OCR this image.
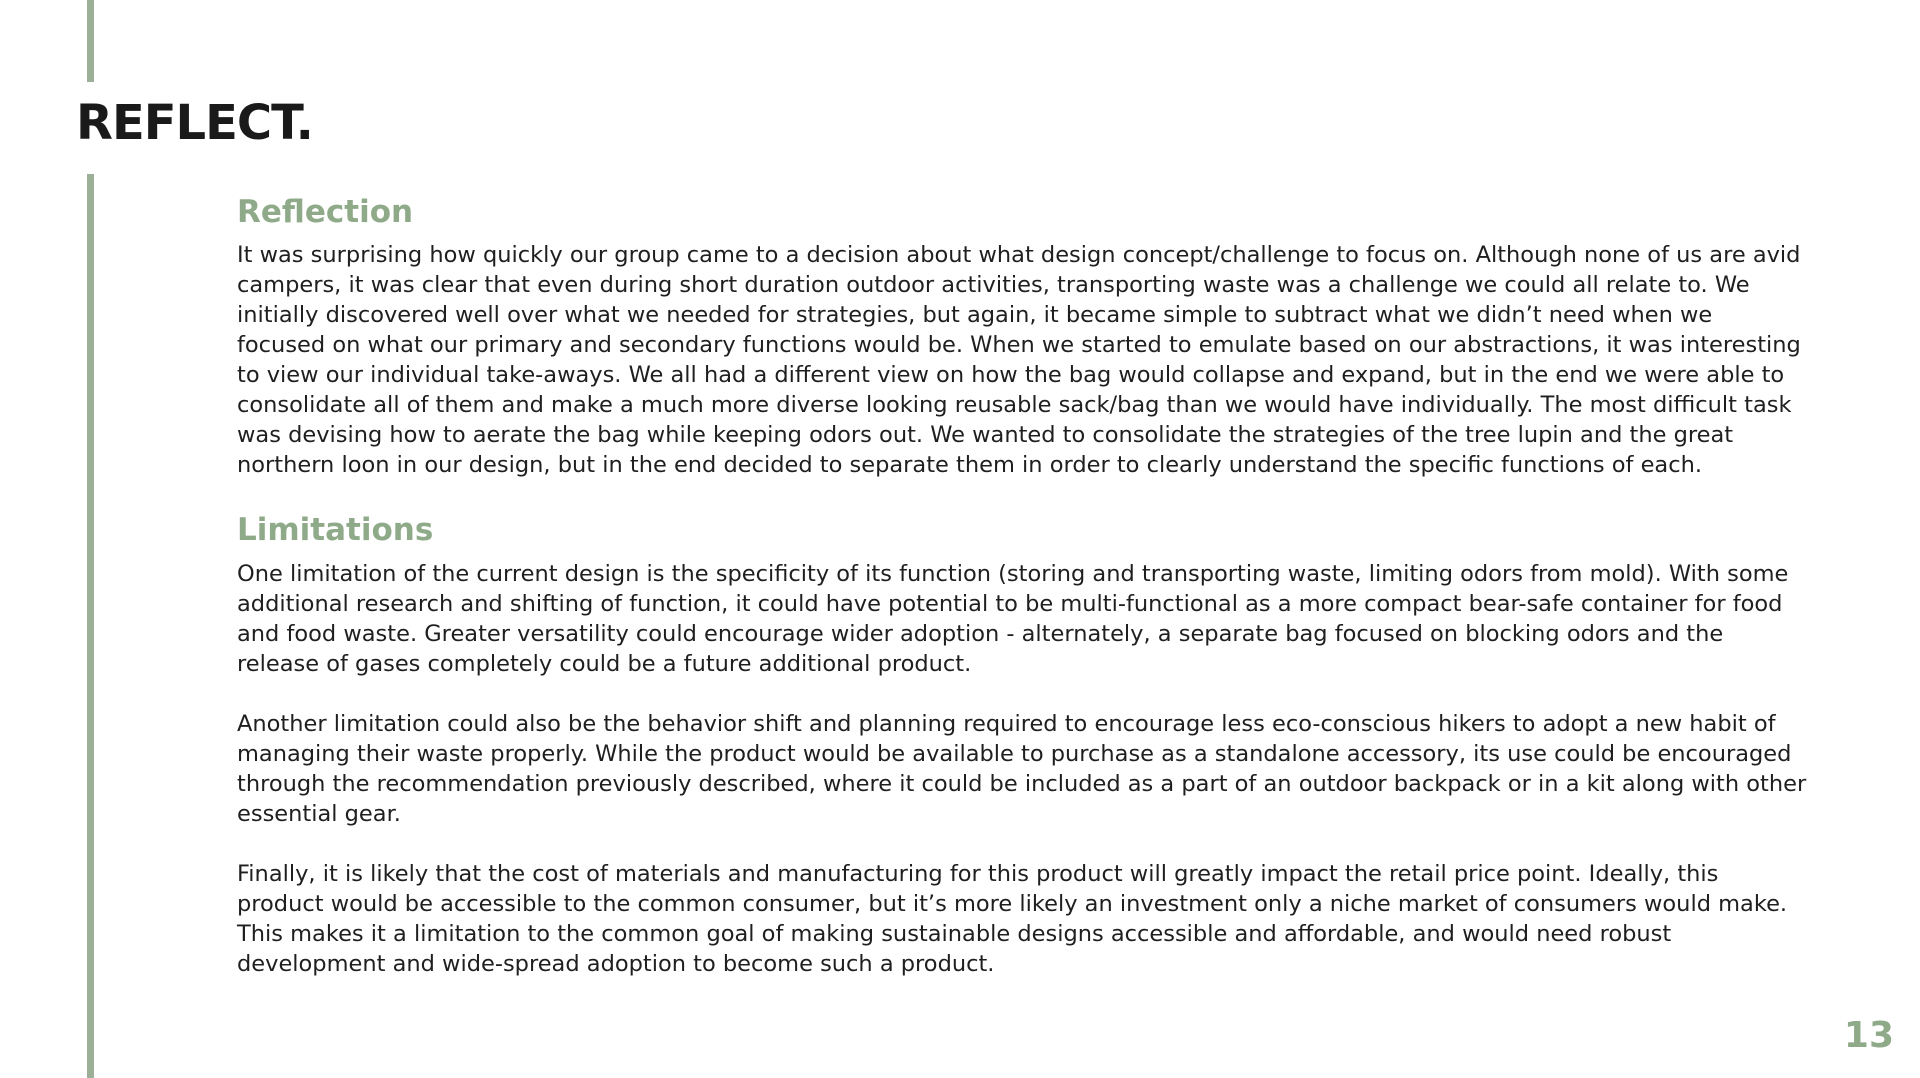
REFLECT.
Reflection

It was surprising how quickly our group came to a decision about what design concept/challenge to focus on. Although none of us are avid campers, it was clear that even during short duration outdoor activities, transporting waste was a challenge we could all relate to. We initially discovered well over what we needed for strategies, but again, it became simple to subtract what we didn’t need when we focused on what our primary and secondary functions would be. When we started to emulate based on our abstractions, it was interesting to view our individual take-aways. We all had a different view on how the bag would collapse and expand, but in the end we were able to consolidate all of them and make a much more diverse looking reusable sack/bag than we would have individually. The most difficult task was devising how to aerate the bag while keeping odors out. We wanted to consolidate the strategies of the tree lupin and the great northern loon in our design, but in the end decided to separate them in order to clearly understand the specific functions of each.

Limitations

One limitation of the current design is the specificity of its function (storing and transporting waste, limiting odors from mold). With some additional research and shifting of function, it could have potential to be multi-functional as a more compact bear-safe container for food and food waste. Greater versatility could encourage wider adoption - alternately, a separate bag focused on blocking odors and the release of gases completely could be a future additional product.

Another limitation could also be the behavior shift and planning required to encourage less eco-conscious hikers to adopt a new habit of managing their waste properly. While the product would be available to purchase as a standalone accessory, its use could be encouraged through the recommendation previously described, where it could be included as a part of an outdoor backpack or in a kit along with other essential gear.

Finally, it is likely that the cost of materials and manufacturing for this product will greatly impact the retail price point. Ideally, this product would be accessible to the common consumer, but it’s more likely an investment only a niche market of consumers would make. This makes it a limitation to the common goal of making sustainable designs accessible and affordable, and would need robust development and wide-spread adoption to become such a product.

13
